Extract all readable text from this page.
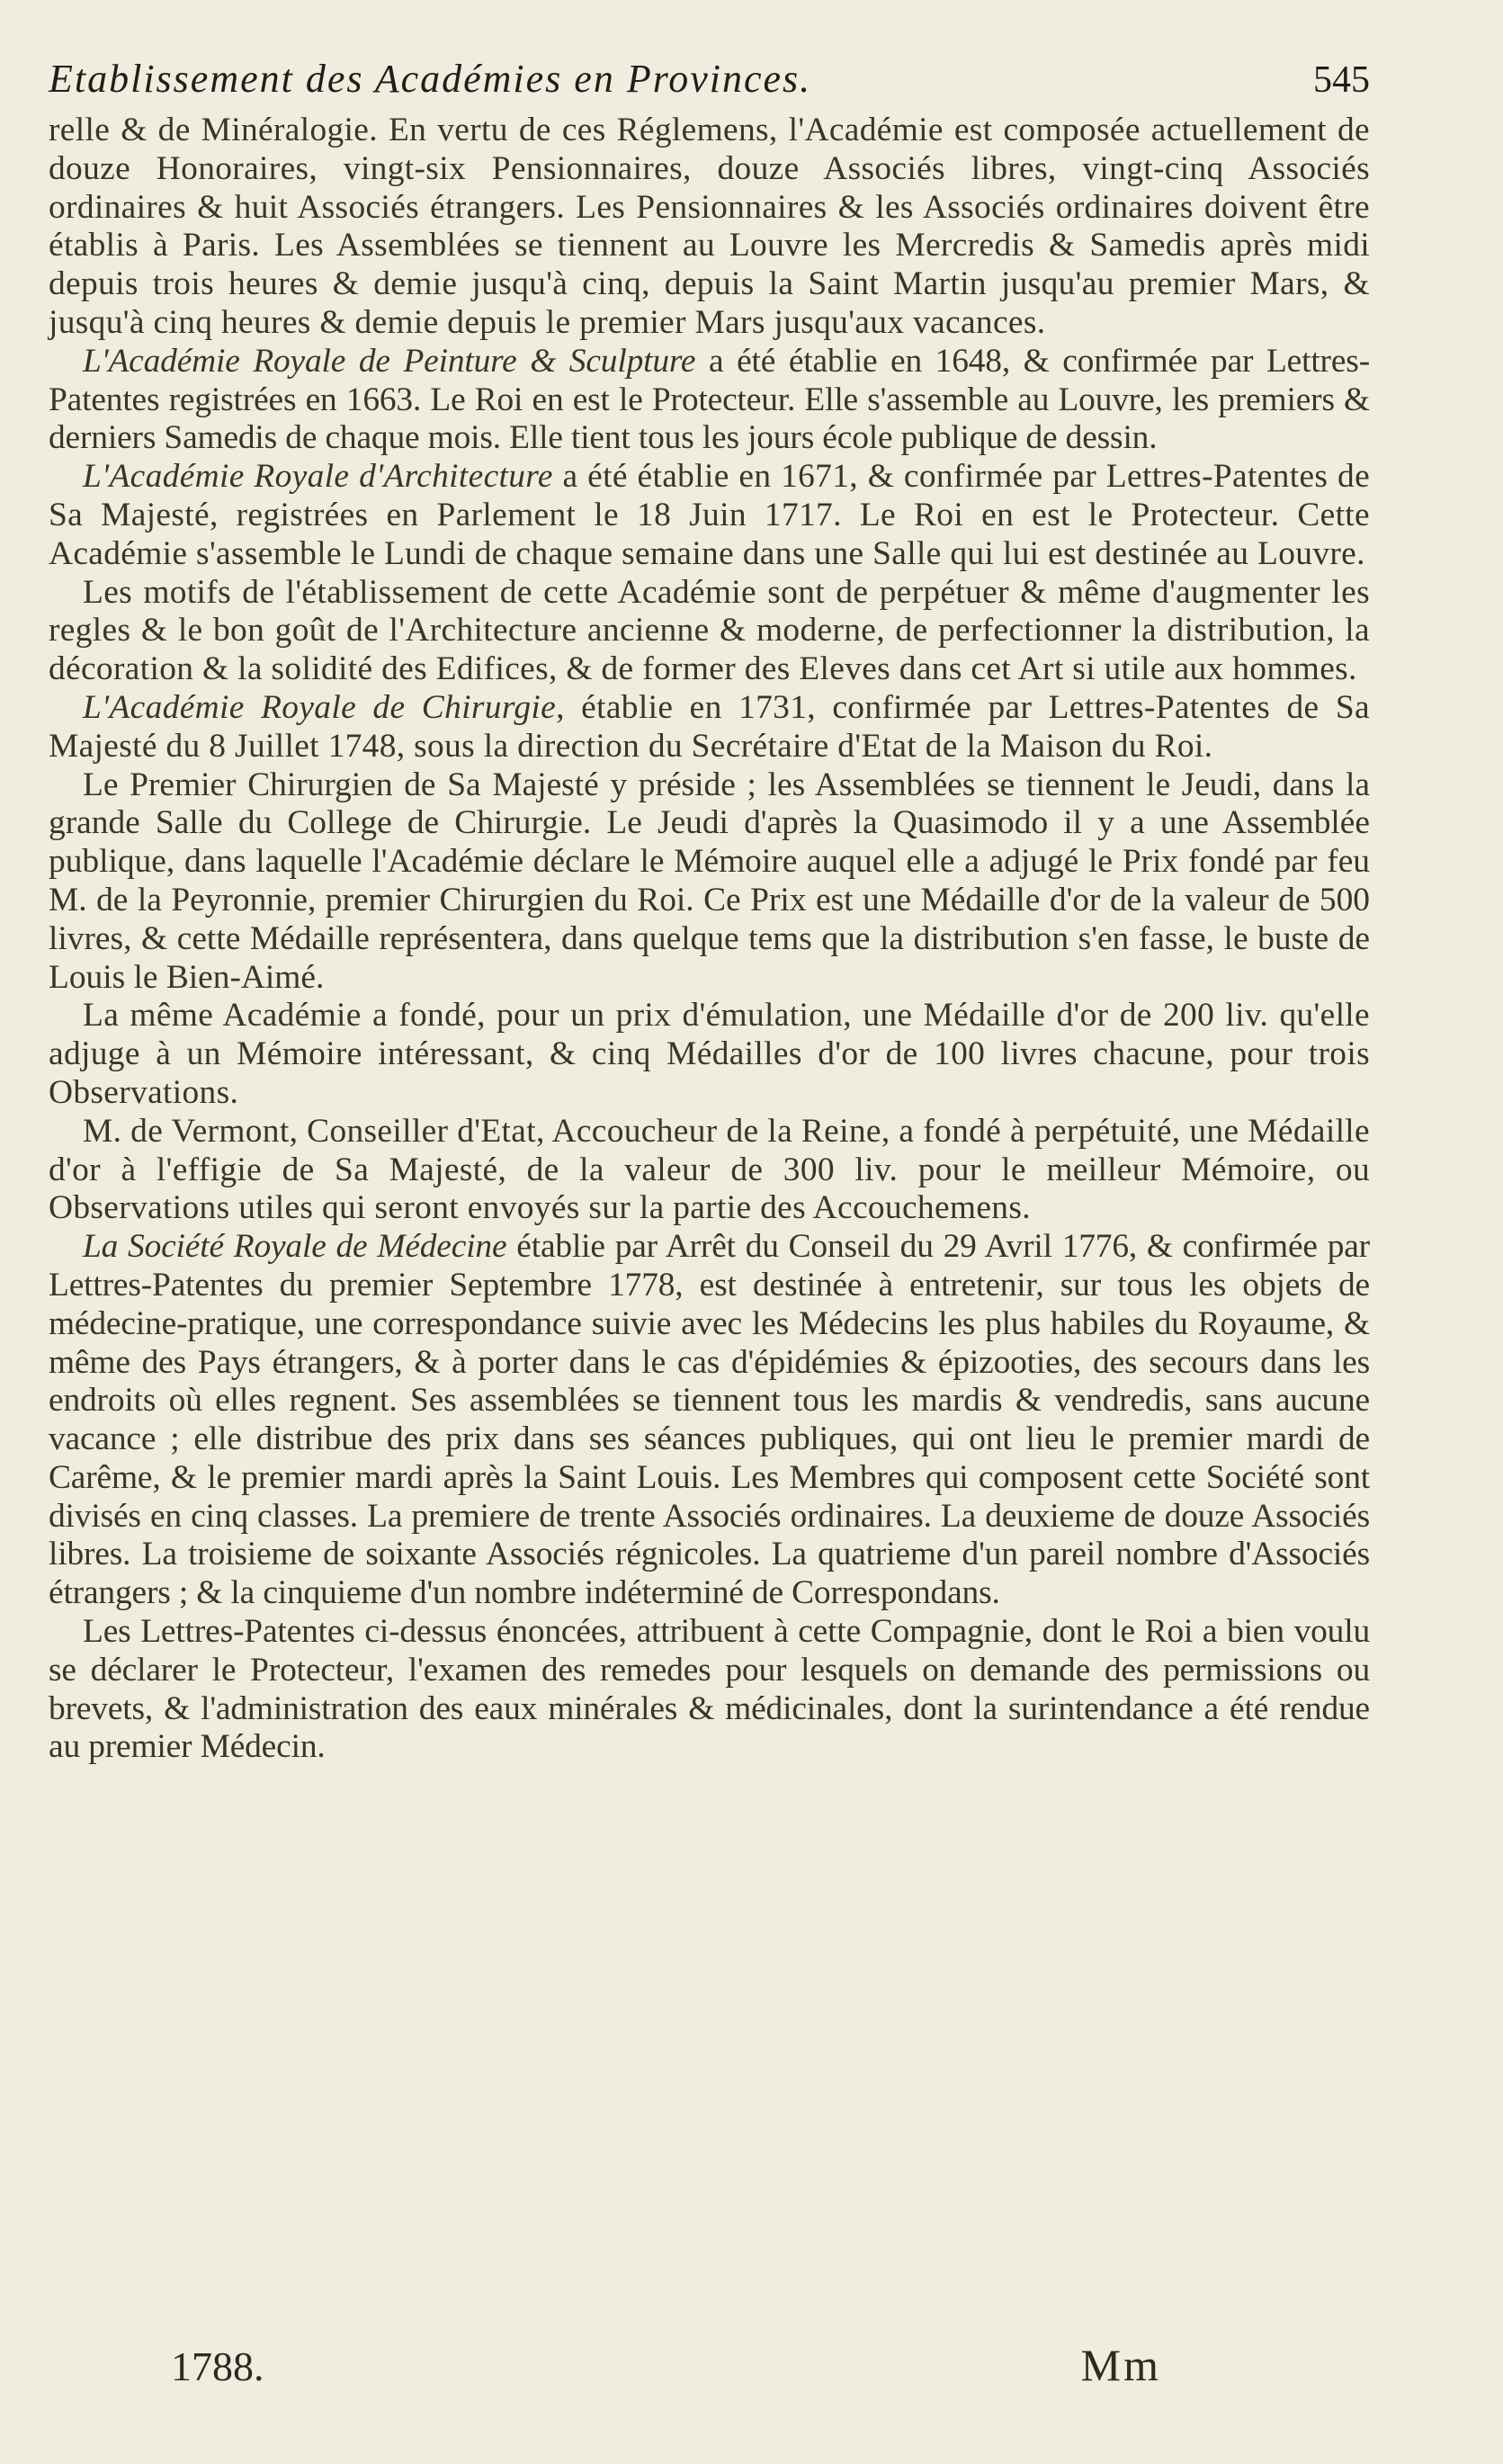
Etablissement des Académies en Provinces.	545

relle & de Minéralogie. En vertu de ces Réglemens, l'Académie est composée actuellement de douze Honoraires, vingt-six Pensionnaires, douze Associés libres, vingt-cinq Associés ordinaires & huit Associés étrangers. Les Pensionnaires & les Associés ordinaires doivent être établis à Paris. Les Assemblées se tiennent au Louvre les Mercredis & Samedis après midi depuis trois heures & demie jusqu'à cinq, depuis la Saint Martin jusqu'au premier Mars, & jusqu'à cinq heures & demie depuis le premier Mars jusqu'aux vacances.

L'Académie Royale de Peinture & Sculpture a été établie en 1648, & confirmée par Lettres-Patentes registrées en 1663. Le Roi en est le Protecteur. Elle s'assemble au Louvre, les premiers & derniers Samedis de chaque mois. Elle tient tous les jours école publique de dessin.

L'Académie Royale d'Architecture a été établie en 1671, & confirmée par Lettres-Patentes de Sa Majesté, registrées en Parlement le 18 Juin 1717. Le Roi en est le Protecteur. Cette Académie s'assemble le Lundi de chaque semaine dans une Salle qui lui est destinée au Louvre.

Les motifs de l'établissement de cette Académie sont de perpétuer & même d'augmenter les regles & le bon goût de l'Architecture ancienne & moderne, de perfectionner la distribution, la décoration & la solidité des Edifices, & de former des Eleves dans cet Art si utile aux hommes.

L'Académie Royale de Chirurgie, établie en 1731, confirmée par Lettres-Patentes de Sa Majesté du 8 Juillet 1748, sous la direction du Secrétaire d'Etat de la Maison du Roi.

Le Premier Chirurgien de Sa Majesté y préside ; les Assemblées se tiennent le Jeudi, dans la grande Salle du College de Chirurgie. Le Jeudi d'après la Quasimodo il y a une Assemblée publique, dans laquelle l'Académie déclare le Mémoire auquel elle a adjugé le Prix fondé par feu M. de la Peyronnie, premier Chirurgien du Roi. Ce Prix est une Médaille d'or de la valeur de 500 livres, & cette Médaille représentera, dans quelque tems que la distribution s'en fasse, le buste de Louis le Bien-Aimé.

La même Académie a fondé, pour un prix d'émulation, une Médaille d'or de 200 liv. qu'elle adjuge à un Mémoire intéressant, & cinq Médailles d'or de 100 livres chacune, pour trois Observations.

M. de Vermont, Conseiller d'Etat, Accoucheur de la Reine, a fondé à perpétuité, une Médaille d'or à l'effigie de Sa Majesté, de la valeur de 300 liv. pour le meilleur Mémoire, ou Observations utiles qui seront envoyés sur la partie des Accouchemens.

La Société Royale de Médecine établie par Arrêt du Conseil du 29 Avril 1776, & confirmée par Lettres-Patentes du premier Septembre 1778, est destinée à entretenir, sur tous les objets de médecine-pratique, une correspondance suivie avec les Médecins les plus habiles du Royaume, & même des Pays étrangers, & à porter dans le cas d'épidémies & épizooties, des secours dans les endroits où elles regnent. Ses assemblées se tiennent tous les mardis & vendredis, sans aucune vacance ; elle distribue des prix dans ses séances publiques, qui ont lieu le premier mardi de Carême, & le premier mardi après la Saint Louis. Les Membres qui composent cette Société sont divisés en cinq classes. La premiere de trente Associés ordinaires. La deuxieme de douze Associés libres. La troisieme de soixante Associés régnicoles. La quatrieme d'un pareil nombre d'Associés étrangers ; & la cinquieme d'un nombre indéterminé de Correspondans.

Les Lettres-Patentes ci-dessus énoncées, attribuent à cette Compagnie, dont le Roi a bien voulu se déclarer le Protecteur, l'examen des remedes pour lesquels on demande des permissions ou brevets, & l'administration des eaux minérales & médicinales, dont la surintendance a été rendue au premier Médecin.

1788.	Mm
